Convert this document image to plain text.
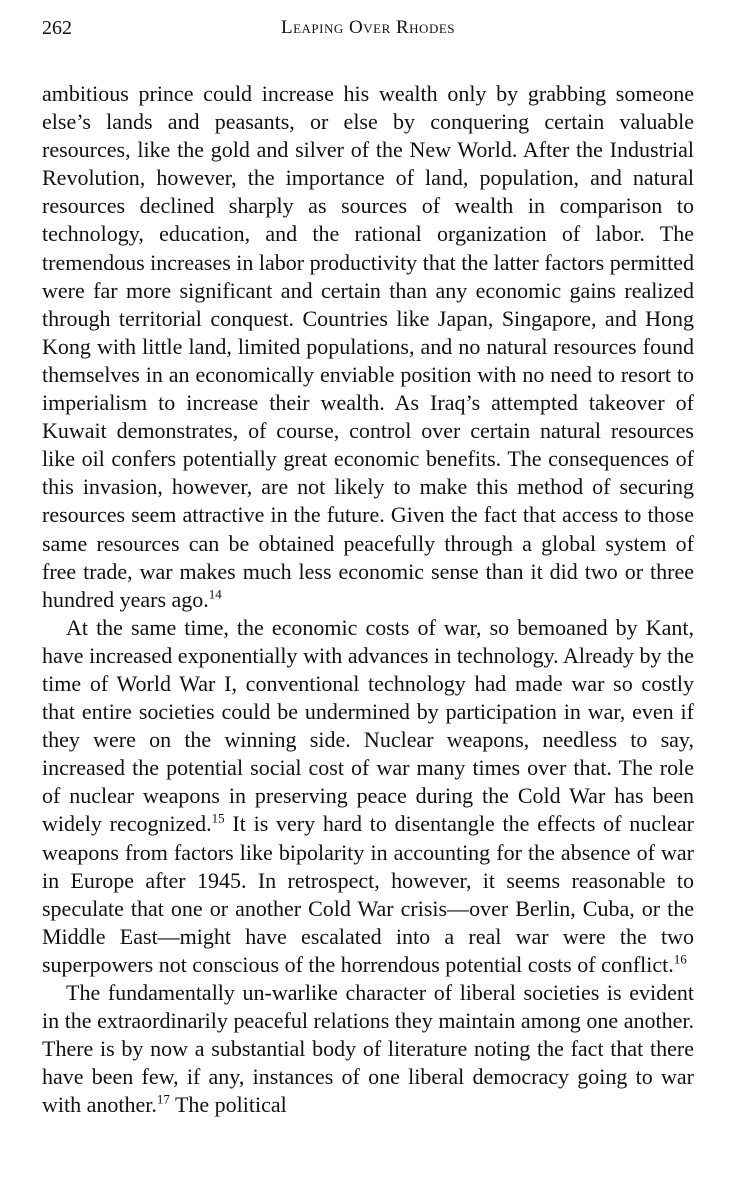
262	Leaping Over Rhodes

ambitious prince could increase his wealth only by grabbing someone else’s lands and peasants, or else by conquering certain valuable resources, like the gold and silver of the New World. After the Industrial Revolution, however, the importance of land, population, and natural resources declined sharply as sources of wealth in comparison to technology, education, and the rational organization of labor. The tremendous increases in labor productivity that the latter factors permitted were far more significant and certain than any economic gains realized through territorial conquest. Countries like Japan, Singapore, and Hong Kong with little land, limited populations, and no natural resources found themselves in an economically enviable position with no need to resort to imperialism to increase their wealth. As Iraq’s attempted takeover of Kuwait demonstrates, of course, control over certain natural resources like oil confers potentially great economic benefits. The consequences of this invasion, however, are not likely to make this method of securing resources seem attractive in the future. Given the fact that access to those same resources can be obtained peacefully through a global system of free trade, war makes much less economic sense than it did two or three hundred years ago.$^{14}$

At the same time, the economic costs of war, so bemoaned by Kant, have increased exponentially with advances in technology. Already by the time of World War I, conventional technology had made war so costly that entire societies could be undermined by participation in war, even if they were on the winning side. Nuclear weapons, needless to say, increased the potential social cost of war many times over that. The role of nuclear weapons in preserving peace during the Cold War has been widely recognized.$^{15}$ It is very hard to disentangle the effects of nuclear weapons from factors like bipolarity in accounting for the absence of war in Europe after 1945. In retrospect, however, it seems reasonable to speculate that one or another Cold War crisis—over Berlin, Cuba, or the Middle East—might have escalated into a real war were the two superpowers not conscious of the horrendous potential costs of conflict.$^{16}$

The fundamentally un-warlike character of liberal societies is evident in the extraordinarily peaceful relations they maintain among one another. There is by now a substantial body of literature noting the fact that there have been few, if any, instances of one liberal democracy going to war with another.$^{17}$ The political
